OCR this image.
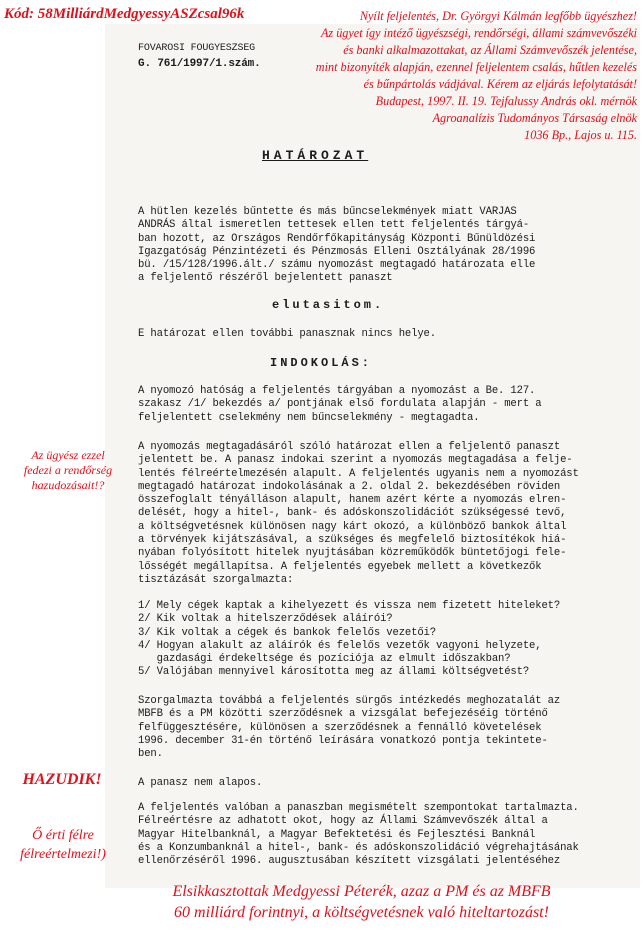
Kód: 58MilliárdMedgyessyASZcsal96k	Nyílt feljelentés, Dr. Györgyi Kálmán legfőbb ügyészhez!
Az ügyet így intéző ügyészségi, rendőrségi, állami számvevőszéki
és banki alkalmazottakat, az Állami Számvevőszék jelentése,
mint bizonyíték alapján, ezennel feljelentem csalás, hűtlen kezelés
és bűnpártolás vádjával. Kérem az eljárás lefolytatását!
Budapest, 1997. II. 19. Tejfalussy András okl. mérnök
Agroanalízis Tudományos Társaság elnök
1036 Bp., Lajos u. 115.
FOVAROSI FOUGYESZSEG
G. 761/1997/1.szám.
HATÁROZAT
A hütlen kezelés bűntette és más bűncselekmények miatt VARJAS
ANDRÁS által ismeretlen tettesek ellen tett feljelentés tárgyá-
ban hozott, az Országos Rendőrfőkapitányság Központi Bűnüldözési
Igazgatóság Pénzintézeti és Pénzmosás Elleni Osztályának 28/1996
bü. /15/128/1996.ált./ számu nyomozást megtagadó határozata elle
a feljelentő részéről bejelentett panaszt
elutasitom.
E határozat ellen további panasznak nincs helye.
INDOKOLÁS:
A nyomozó hatóság a feljelentés tárgyában a nyomozást a Be. 127.
szakasz /1/ bekezdés a/ pontjának első fordulata alapján - mert a
feljelentett cselekmény nem bűncselekmény - megtagadta.
A nyomozás megtagadásáról szóló határozat ellen a feljelentő panaszt
jelentett be. A panasz indokai szerint a nyomozás megtagadása a felje-
lentés félreértelmezésén alapult. A feljelentés ugyanis nem a nyomozást
megtagadó határozat indokolásának a 2. oldal 2. bekezdésében röviden
összefoglalt tényálláson alapult, hanem azért kérte a nyomozás elren-
delését, hogy a hitel-, bank- és adóskonszolidációt szükségessé tevő,
a költségvetésnek különösen nagy kárt okozó, a különböző bankok által
a törvények kijátszásával, a szükséges és megfelelő biztosítékok hiá-
nyában folyósított hitelek nyujtásában közreműködők büntetőjogi fele-
lősségét megállapítsa. A feljelentés egyebek mellett a következők
tisztázását szorgalmazta:
1/ Mely cégek kaptak a kihelyezett és vissza nem fizetett hiteleket?
2/ Kik voltak a hitelszerződések aláírói?
3/ Kik voltak a cégek és bankok felelős vezetői?
4/ Hogyan alakult az aláírók és felelős vezetők vagyoni helyzete,
gazdasági érdekeltsége és pozíciója az elmult időszakban?
5/ Valójában mennyivel károsította meg az állami költségvetést?
Szorgalmazta továbbá a feljelentés sürgős intézkedés meghozatalát az
MBFB és a PM közötti szerződésnek a vizsgálat befejezéséig történő
felfüggesztésére, különösen a szerződésnek a fennálló követelések
1996. december 31-én történő leírására vonatkozó pontja tekintete-
ben.
A panasz nem alapos.
A feljelentés valóban a panaszban megismételt szempontokat tartalmazta.
Félreértésre az adhatott okot, hogy az Állami Számvevőszék által a
Magyar Hitelbanknál, a Magyar Befektetési és Fejlesztési Banknál
és a Konzumbanknál a hitel-, bank- és adóskonszolidáció végrehajtásának
ellenőrzéséről 1996. augusztusában készített vizsgálati jelentéséhez
Az ügyész ezzel
fedezi a rendőrség
hazudozásait!?
HAZUDIK!
Ő érti félre
félreértelmezi!)
Elsikkasztottak Medgyessi Péterék, azaz a PM és az MBFB
60 milliárd forintnyi, a költségvetésnek való hiteltartozást!
